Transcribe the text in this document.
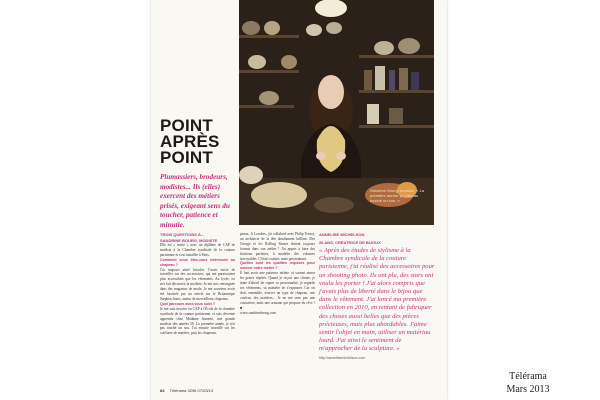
Sandrine Bourg, modiste. « La première année, je n'ai pas touché un sou. »
POINT
APRÈS
POINT
Plumassiers, brodeurs, modistes... Ils (elles) exercent des métiers prisés, exigeant sens du toucher, patience et minutie.
TROIS QUESTIONS À...
SANDRINE BOURG, MODISTE
Elle est « sortie » avec un diplôme de CAP de modiste à la Chambre syndicale de la couture parisienne et s'est installée à Paris.
Comment vous êtes-vous intéressée au chapeau ?
J'ai toujours aimé bricoler. J'avais envie de travailler sur des accessoires, qui me paraissaient plus accessibles que les vêtements. Au lycée, on m'a fait découvrir la modiste. Je me suis renseignée dans des magasins de mode. Je me souviens avoir été fascinée par un article sur le Britannique Stephen Jones, auteur de merveilleux chapeaux.
Quel parcours avez-vous suivi ?
Je me suis inscrite en CAP à l'École de la chambre syndicale de la couture parisienne, et suis devenue apprentie chez Madame Jeanette, une grande modiste des années 50. La première année, je n'ai pas touché un sou. J'ai ensuite travaillé sur les coiffures de mariées, puis les chapeaux.
peaux. À Londres, j'ai collaboré avec Philip Treacy, un architecte de la tête absolument brillant. Des George et les Rolling Stones étaient toujours fournis dans son atelier ! J'ai appris à faire des finitions parfaites, à modeler des volumes incroyables. C'était couture, mais passionnant.
Quelles sont les qualités requises pour exercer votre métier ?
Il faut avoir une patience infinie, et surtout aimer les gestes répétés. Quand je reçois une cliente, je tente d'abord de capter sa personnalité, je regarde ses vêtements, sa manière de s'exprimer. Car on doit, ensemble, trouver un type de chapeau, une couleur, des matières... Je ne me sens pas une couturière, mais une artisane qui propose du rêve ! ■
www.sandrinebourg.com
ANNELISE MICHELSON
26 ANS, CRÉATRICE DE BIJOUX
« Après des études de stylisme à la Chambre syndicale de la couture parisienne, j'ai réalisé des accessoires pour un shooting photo. Ils ont plu, des stars ont voulu les porter ! J'ai alors compris que j'avais plus de liberté dans le bijou que dans le vêtement. J'ai lancé ma première collection en 2010, en tentant de fabriquer des choses aussi belles que des pièces précieuses, mais plus abordables. J'aime sentir l'objet en main, utiliser un matériau lourd. J'ai ainsi le sentiment de m'approcher de la sculpture. »
http://annelisemichelson.com
84 Télérama 3296 07/03/13
Télérama
Mars 2013
